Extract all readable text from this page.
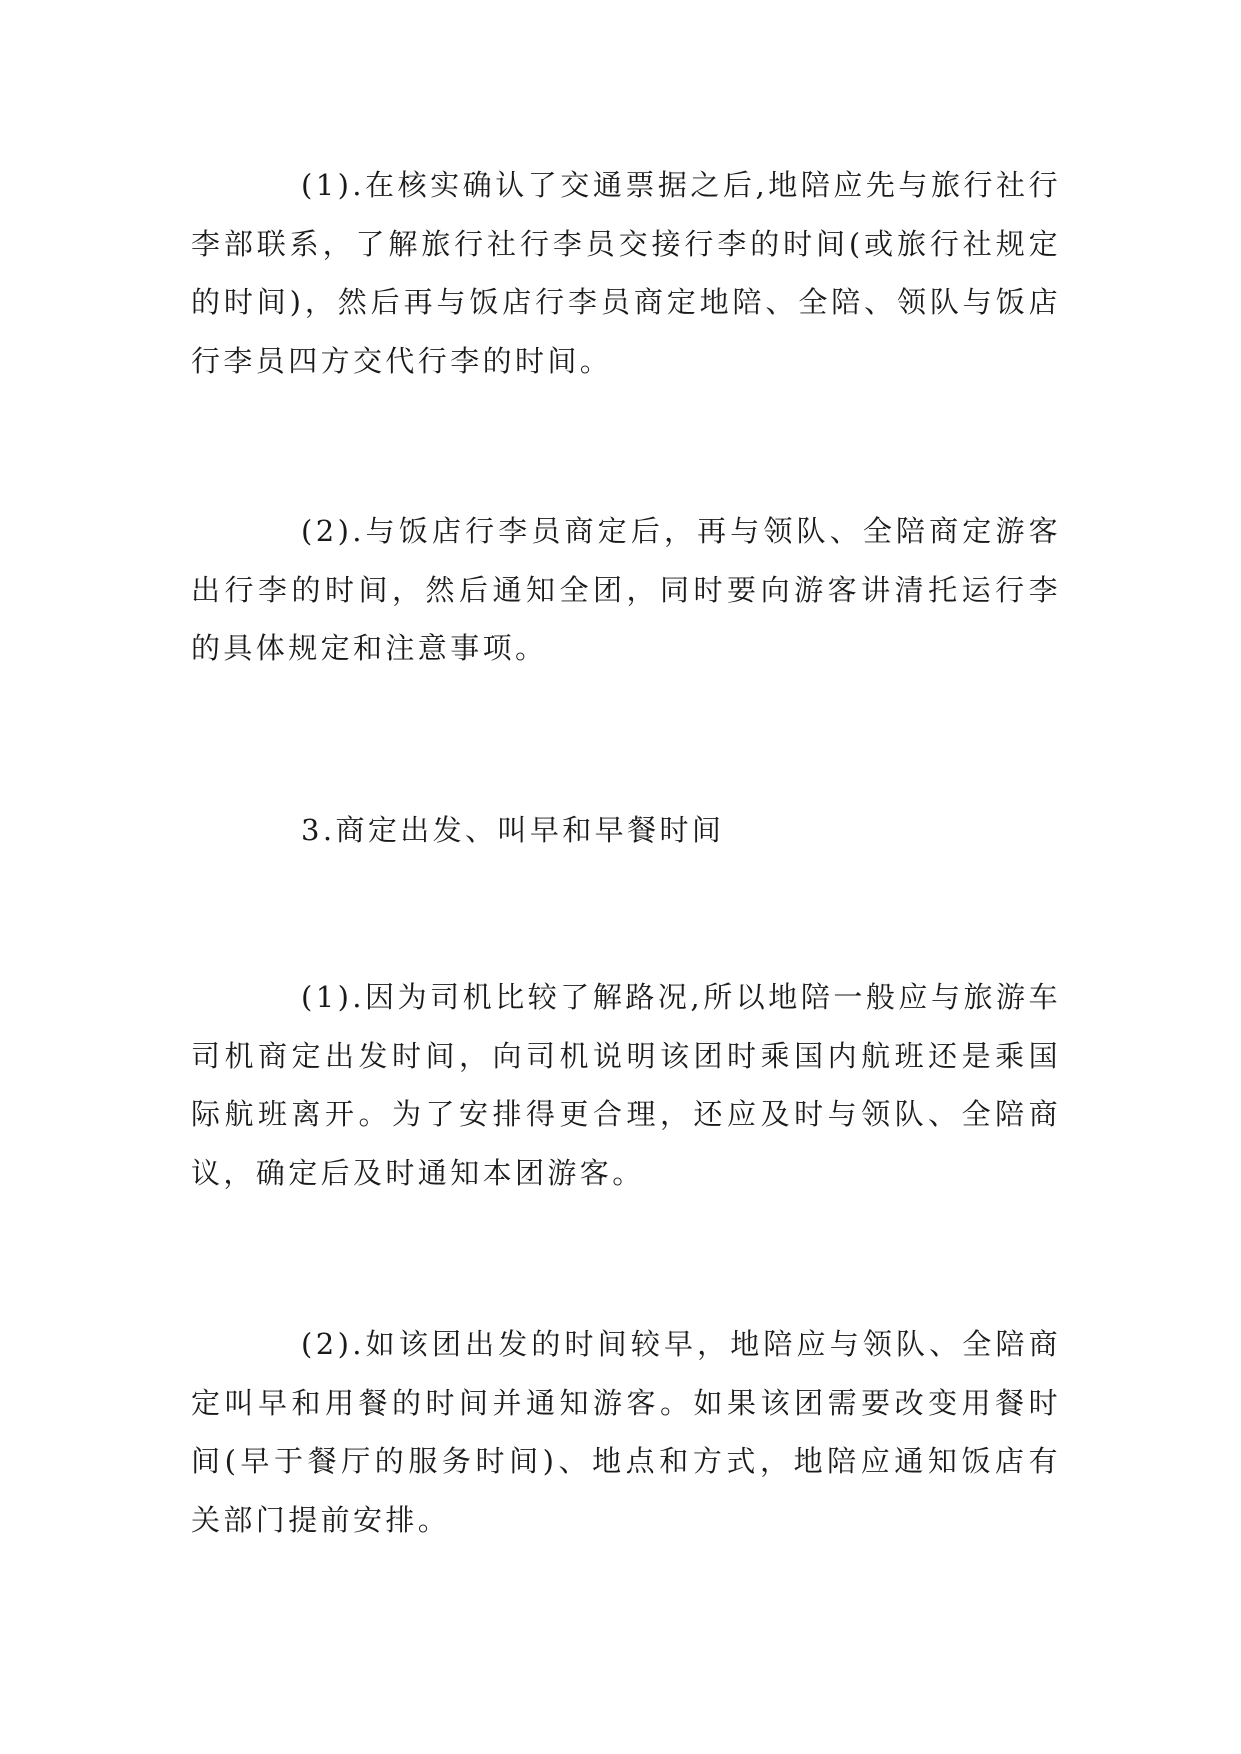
(1).在核实确认了交通票据之后,地陪应先与旅行社行李部联系，了解旅行社行李员交接行李的时间(或旅行社规定的时间)，然后再与饭店行李员商定地陪、全陪、领队与饭店行李员四方交代行李的时间。

(2).与饭店行李员商定后，再与领队、全陪商定游客出行李的时间，然后通知全团，同时要向游客讲清托运行李的具体规定和注意事项。

3.商定出发、叫早和早餐时间

(1).因为司机比较了解路况,所以地陪一般应与旅游车司机商定出发时间，向司机说明该团时乘国内航班还是乘国际航班离开。为了安排得更合理，还应及时与领队、全陪商议，确定后及时通知本团游客。

(2).如该团出发的时间较早，地陪应与领队、全陪商定叫早和用餐的时间并通知游客。如果该团需要改变用餐时间(早于餐厅的服务时间)、地点和方式，地陪应通知饭店有关部门提前安排。
